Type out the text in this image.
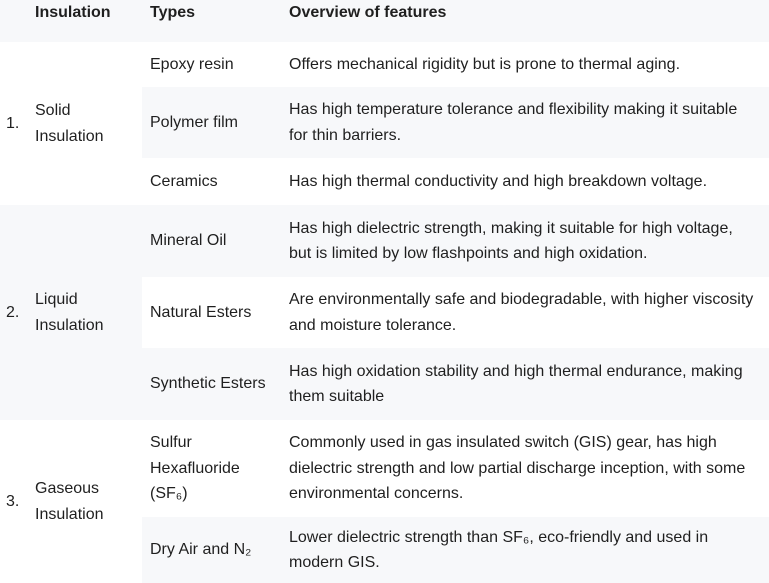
	Insulation	Types	Overview of features

1.	Solid Insulation	Epoxy resin	Offers mechanical rigidity but is prone to thermal aging.

		Polymer film	Has high temperature tolerance and flexibility making it suitable for thin barriers.

		Ceramics	Has high thermal conductivity and high breakdown voltage.

2.	Liquid Insulation	Mineral Oil	Has high dielectric strength, making it suitable for high voltage, but is limited by low flashpoints and high oxidation.

		Natural Esters	Are environmentally safe and biodegradable, with higher viscosity and moisture tolerance.

		Synthetic Esters	Has high oxidation stability and high thermal endurance, making them suitable

3.	Gaseous Insulation	Sulfur Hexafluoride (SF₆)	Commonly used in gas insulated switch (GIS) gear, has high dielectric strength and low partial discharge inception, with some environmental concerns.

		Dry Air and N₂	Lower dielectric strength than SF₆, eco-friendly and used in modern GIS.
